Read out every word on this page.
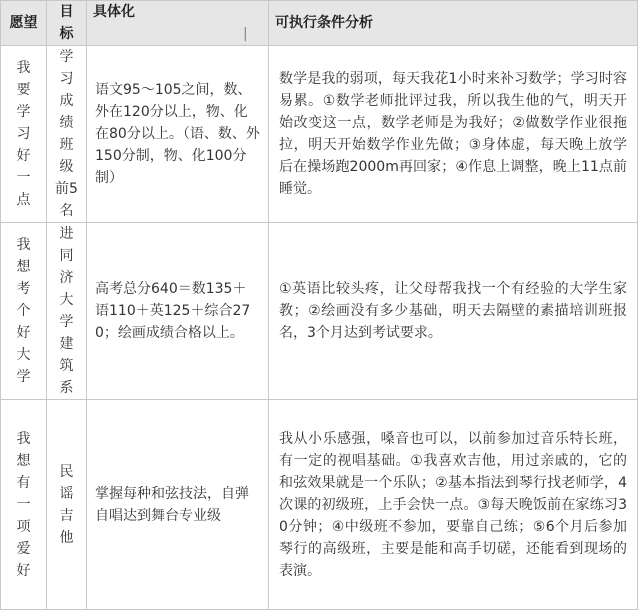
愿望	目标	具体化 |	可执行条件分析
我要学习好一点	学习成绩班级前5名	语文95～105之间，数、外在120分以上，物、化在80分以上。（语、数、外150分制，物、化100分制）	数学是我的弱项，每天我花1小时来补习数学；学习时容易累。①数学老师批评过我，所以我生他的气，明天开始改变这一点，数学老师是为我好；②做数学作业很拖拉，明天开始数学作业先做；③身体虚，每天晚上放学后在操场跑2000m再回家；④作息上调整，晚上11点前睡觉。
我想考个好大学	进同济大学建筑系	高考总分640＝数135＋语110＋英125＋综合270；绘画成绩合格以上。	①英语比较头疼，让父母帮我找一个有经验的大学生家教；②绘画没有多少基础，明天去隔壁的素描培训班报名，3个月达到考试要求。
我想有一项爱好	民谣吉他	掌握每种和弦技法，自弹自唱达到舞台专业级	我从小乐感强，嗓音也可以，以前参加过音乐特长班，有一定的视唱基础。①我喜欢吉他，用过亲戚的，它的和弦效果就是一个乐队；②基本指法到琴行找老师学，4次课的初级班，上手会快一点。③每天晚饭前在家练习30分钟；④中级班不参加，要靠自己练；⑤6个月后参加琴行的高级班，主要是能和高手切磋，还能看到现场的表演。
